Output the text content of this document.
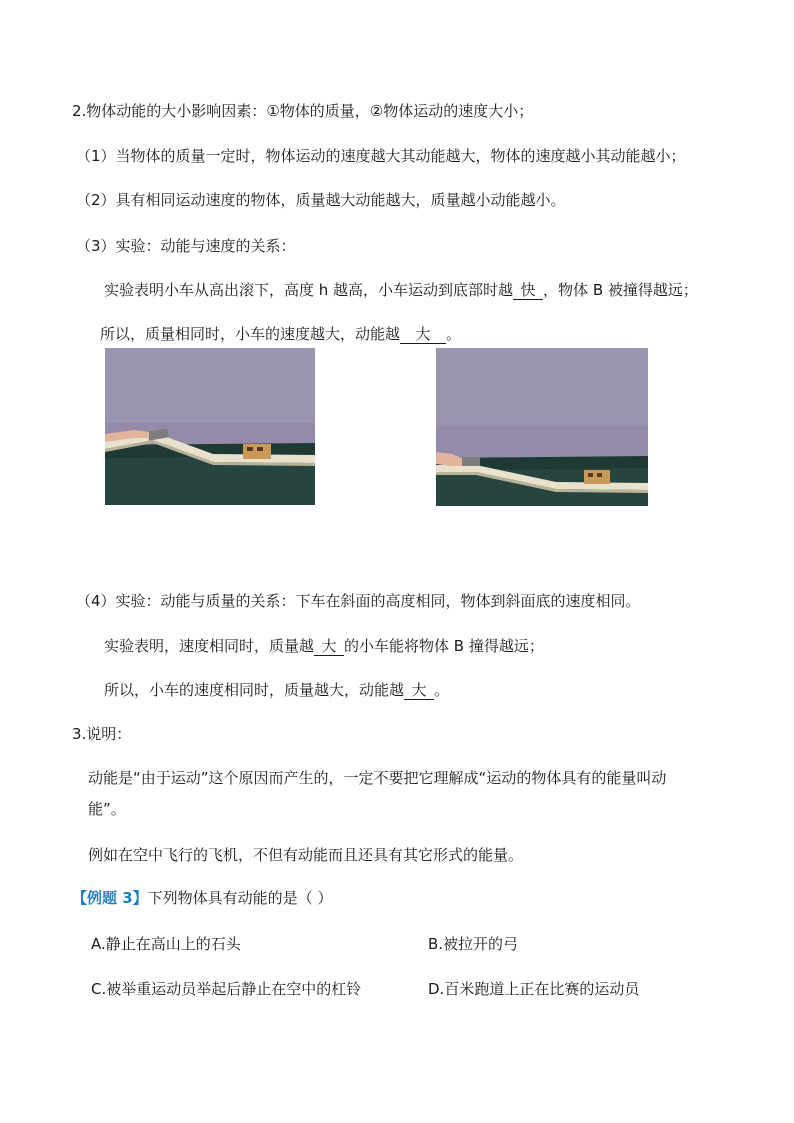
2.物体动能的大小影响因素：①物体的质量，②物体运动的速度大小；
（1）当物体的质量一定时，物体运动的速度越大其动能越大，物体的速度越小其动能越小；
（2）具有相同运动速度的物体，质量越大动能越大，质量越小动能越小。
（3）实验：动能与速度的关系：
实验表明小车从高出滚下，高度 h 越高，小车运动到底部时越 快 ，物体 B 被撞得越远；
所以，质量相同时，小车的速度越大，动能越 大 。
（4）实验：动能与质量的关系：下车在斜面的高度相同，物体到斜面底的速度相同。
实验表明，速度相同时，质量越 大 的小车能将物体 B 撞得越远；
所以，小车的速度相同时，质量越大，动能越 大 。
3.说明：
动能是“由于运动”这个原因而产生的，一定不要把它理解成“运动的物体具有的能量叫动
能”。
例如在空中飞行的飞机，不但有动能而且还具有其它形式的能量。
【例题 3】下列物体具有动能的是（ ）
A.静止在高山上的石头	B.被拉开的弓
C.被举重运动员举起后静止在空中的杠铃	D.百米跑道上正在比赛的运动员
